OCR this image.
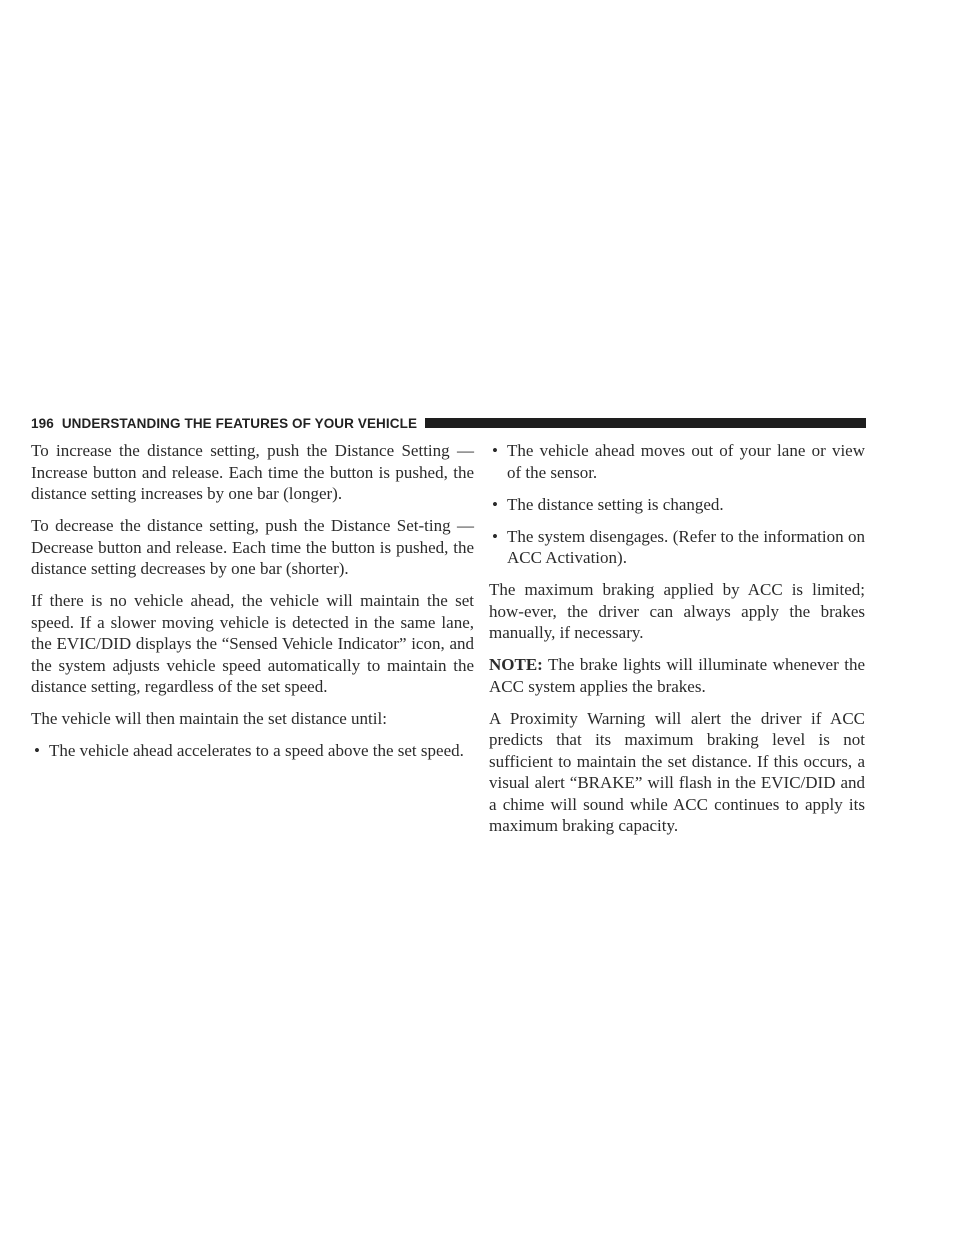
196 UNDERSTANDING THE FEATURES OF YOUR VEHICLE

To increase the distance setting, push the Distance Setting — Increase button and release. Each time the button is pushed, the distance setting increases by one bar (longer).

To decrease the distance setting, push the Distance Set-ting — Decrease button and release. Each time the button is pushed, the distance setting decreases by one bar (shorter).

If there is no vehicle ahead, the vehicle will maintain the set speed. If a slower moving vehicle is detected in the same lane, the EVIC/DID displays the “Sensed Vehicle Indicator” icon, and the system adjusts vehicle speed automatically to maintain the distance setting, regardless of the set speed.

The vehicle will then maintain the set distance until:

• The vehicle ahead accelerates to a speed above the set speed.
• The vehicle ahead moves out of your lane or view of the sensor.
• The distance setting is changed.
• The system disengages. (Refer to the information on ACC Activation).

The maximum braking applied by ACC is limited; how-ever, the driver can always apply the brakes manually, if necessary.

NOTE: The brake lights will illuminate whenever the ACC system applies the brakes.

A Proximity Warning will alert the driver if ACC predicts that its maximum braking level is not sufficient to maintain the set distance. If this occurs, a visual alert “BRAKE” will flash in the EVIC/DID and a chime will sound while ACC continues to apply its maximum braking capacity.
